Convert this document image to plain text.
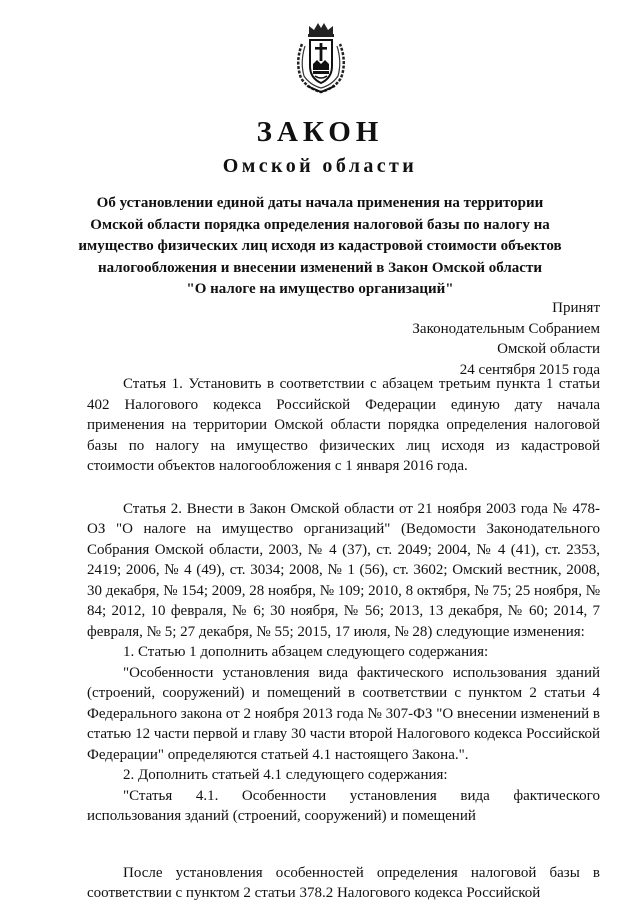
ЗАКОН
Омской области
Об установлении единой даты начала применения на территории
Омской области порядка определения налоговой базы по налогу на
имущество физических лиц исходя из кадастровой стоимости объектов
налогообложения и внесении изменений в Закон Омской области
"О налоге на имущество организаций"
Принят
Законодательным Собранием
Омской области
24 сентября 2015 года

Статья 1. Установить в соответствии с абзацем третьим пункта 1 статьи 402 Налогового кодекса Российской Федерации единую дату начала применения на территории Омской области порядка определения налоговой базы по налогу на имущество физических лиц исходя из кадастровой стоимости объектов налогообложения с 1 января 2016 года.

Статья 2. Внести в Закон Омской области от 21 ноября 2003 года № 478-ОЗ "О налоге на имущество организаций" (Ведомости Законодательного Собрания Омской области, 2003, № 4 (37), ст. 2049; 2004, № 4 (41), ст. 2353, 2419; 2006, № 4 (49), ст. 3034; 2008, № 1 (56), ст. 3602; Омский вестник, 2008, 30 декабря, № 154; 2009, 28 ноября, № 109; 2010, 8 октября, № 75; 25 ноября, № 84; 2012, 10 февраля, № 6; 30 ноября, № 56; 2013, 13 декабря, № 60; 2014, 7 февраля, № 5; 27 декабря, № 55; 2015, 17 июля, № 28) следующие изменения:

1. Статью 1 дополнить абзацем следующего содержания:

"Особенности установления вида фактического использования зданий (строений, сооружений) и помещений в соответствии с пунктом 2 статьи 4 Федерального закона от 2 ноября 2013 года № 307-ФЗ "О внесении изменений в статью 12 части первой и главу 30 части второй Налогового кодекса Российской Федерации" определяются статьей 4.1 настоящего Закона.".

2. Дополнить статьей 4.1 следующего содержания:

"Статья 4.1. Особенности установления вида фактического

использования зданий (строений, сооружений) и помещений

После установления особенностей определения налоговой базы в соответствии с пунктом 2 статьи 378.2 Налогового кодекса Российской
